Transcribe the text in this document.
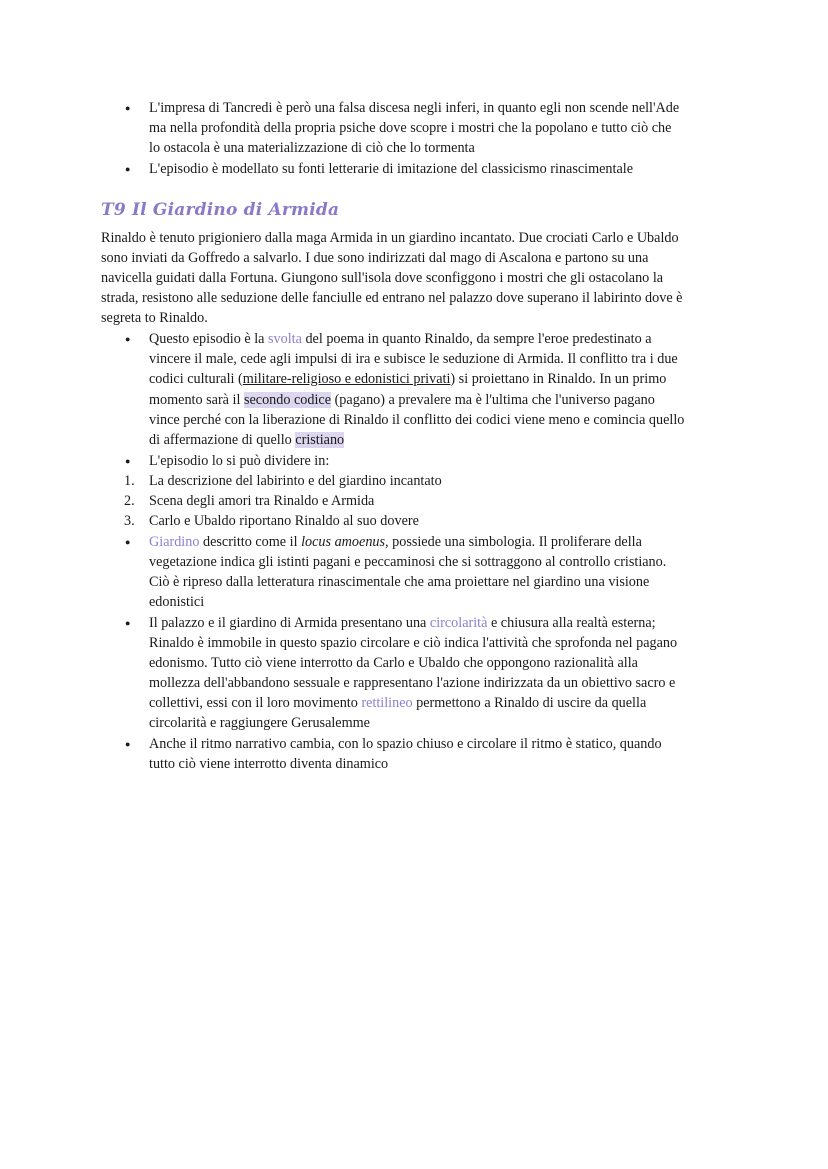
● L'impresa di Tancredi è però una falsa discesa negli inferi, in quanto egli non scende nell'Ade
ma nella profondità della propria psiche dove scopre i mostri che la popolano e tutto ciò che
lo ostacola è una materializzazione di ciò che lo tormenta
● L'episodio è modellato su fonti letterarie di imitazione del classicismo rinascimentale
T9 Il Giardino di Armida
Rinaldo è tenuto prigioniero dalla maga Armida in un giardino incantato. Due crociati Carlo e Ubaldo
sono inviati da Goffredo a salvarlo. I due sono indirizzati dal mago di Ascalona e partono su una
navicella guidati dalla Fortuna. Giungono sull'isola dove sconfiggono i mostri che gli ostacolano la
strada, resistono alle seduzione delle fanciulle ed entrano nel palazzo dove superano il labirinto dove è
segreta to Rinaldo.
● Questo episodio è la svolta del poema in quanto Rinaldo, da sempre l'eroe predestinato a
vincere il male, cede agli impulsi di ira e subisce le seduzione di Armida. Il conflitto tra i due
codici culturali (militare-religioso e edonistici privati) si proiettano in Rinaldo. In un primo
momento sarà il secondo codice (pagano) a prevalere ma è l'ultima che l'universo pagano
vince perché con la liberazione di Rinaldo il conflitto dei codici viene meno e comincia quello
di affermazione di quello cristiano
● L'episodio lo si può dividere in:
1. La descrizione del labirinto e del giardino incantato
2. Scena degli amori tra Rinaldo e Armida
3. Carlo e Ubaldo riportano Rinaldo al suo dovere
● Giardino descritto come il locus amoenus, possiede una simbologia. Il proliferare della
vegetazione indica gli istinti pagani e peccaminosi che si sottraggono al controllo cristiano.
Ciò è ripreso dalla letteratura rinascimentale che ama proiettare nel giardino una visione
edonistici
● Il palazzo e il giardino di Armida presentano una circolarità e chiusura alla realtà esterna;
Rinaldo è immobile in questo spazio circolare e ciò indica l'attività che sprofonda nel pagano
edonismo. Tutto ciò viene interrotto da Carlo e Ubaldo che oppongono razionalità alla
mollezza dell'abbandono sessuale e rappresentano l'azione indirizzata da un obiettivo sacro e
collettivi, essi con il loro movimento rettilineo permettono a Rinaldo di uscire da quella
circolarità e raggiungere Gerusalemme
● Anche il ritmo narrativo cambia, con lo spazio chiuso e circolare il ritmo è statico, quando
tutto ciò viene interrotto diventa dinamico
